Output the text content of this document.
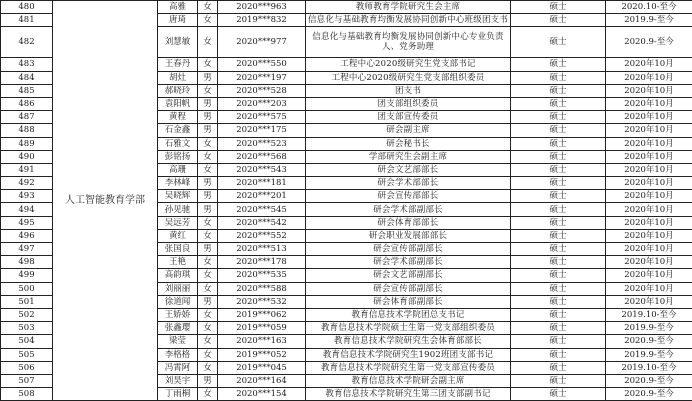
480	人工智能教育学部	高雅	女	2020***963	教师教育学院研究生会主席	硕士	2020.10-至今
481		唐琦	女	2019***832	信息化与基础教育均衡发展协同创新中心班级团支书	硕士	2019.9-至今
482		刘慧敏	女	2020***977	信息化与基础教育均衡发展协同创新中心专业负责人、党务助理	硕士	2020.9-至今
483		王春丹	女	2020***550	工程中心2020级研究生党支部书记	硕士	2020年10月
484		胡灶	男	2020***197	工程中心2020级研究生党支部组织委员	硕士	2020年10月
485		郝晓玲	女	2020***528	团支书	硕士	2020年10月
486		袁阳帆	男	2020***203	团支部组织委员	硕士	2020年10月
487		黄程	男	2020***575	团支部宣传委员	硕士	2020年10月
488		石金鑫	男	2020***175	研会副主席	硕士	2020年10月
489		石雅文	女	2020***523	研会秘书长	硕士	2020年10月
490		彭铭扬	女	2020***568	学部研究生会副主席	硕士	2020年10月
491		高珊	女	2020***543	研会文艺部部长	硕士	2020年10月
492		李林峰	男	2020***181	研会学术部部长	硕士	2020年10月
493		吴晓辉	男	2020***201	研会宣传部部长	硕士	2020年10月
494		孙见驰	男	2020***545	研会学术部副部长	硕士	2020年10月
495		吴远芳	女	2020***542	研会体育部部长	硕士	2020年10月
496		黄红	女	2020***552	研会职业发展部部长	硕士	2020年10月
497		张国良	男	2020***513	研会宣传部副部长	硕士	2020年10月
498		王艳	女	2020***178	研会学术部副部长	硕士	2020年10月
499		高韵琪	女	2020***535	研会文艺部副部长	硕士	2020年10月
500		刘丽丽	女	2020***588	研会宣传部副部长	硕士	2020年10月
501		徐道闻	男	2020***532	研会体育部副部长	硕士	2020年10月
502		王娇娇	女	2019***062	教育信息技术学院团总支书记	硕士	2019.10-至今
503		张鑫璎	女	2019***059	教育信息技术学院硕士生第一党支部组织委员	硕士	2019.9-至今
504		梁莹	女	2020***163	教育信息技术学院研究生会体育部部长	硕士	2020.9-至今
505		李格格	女	2019***052	教育信息技术学院研究生1902班团支部书记	硕士	2019.9-至今
506		冯霄阿	女	2019***045	教育信息技术学院研究生第一党支部宣传委员	硕士	2019.10-至今
507		刘昊宇	男	2020***164	教育信息技术学院研会副主席	硕士	2020.9-至今
508		丁雨桐	女	2020***154	教育信息技术学院研究生第三团支部副书记	硕士	2020.9-至今
